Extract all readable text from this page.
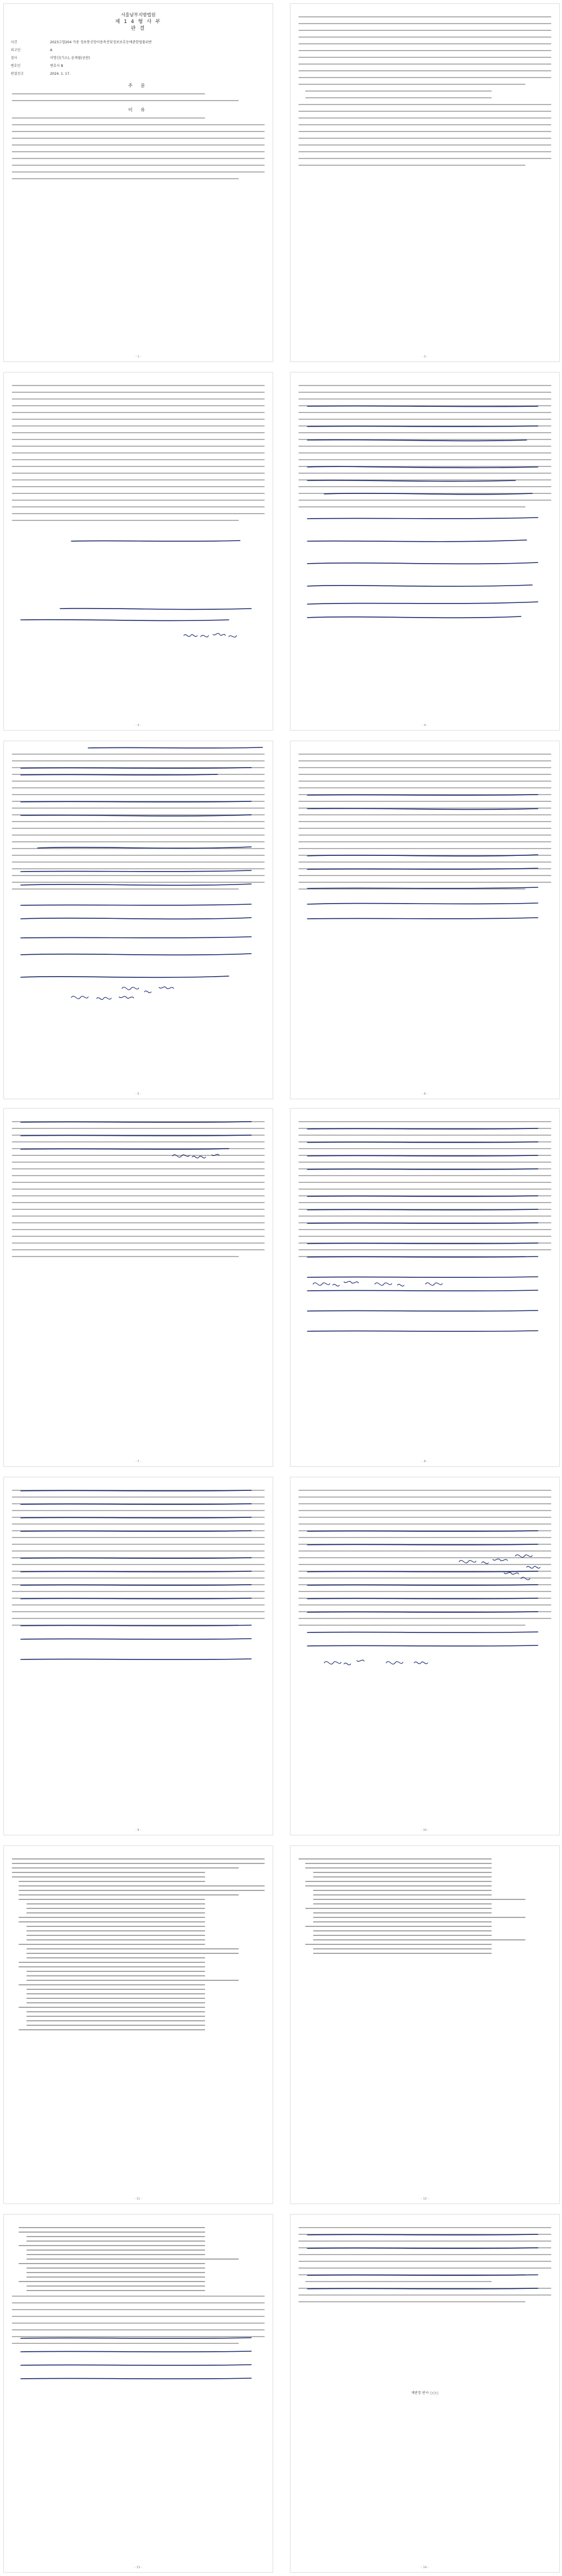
서울남부지방법원
제 1 4 형 사 부
판 결
사건	2023고합204 가중 정보통신망이용촉진및정보보호등에관한법률위반
피고인	A
검사	이명신(기소), 윤재필(공판)
변호인	변호사 B
판결선고	2024. 1. 17.
주 문
이 유
- 1 -	- 2 -
- 3 -	- 4 -
- 5 -	- 6 -
- 7 -	- 8 -
- 9 -	- 10 -
- 11 -	- 12 -
- 13 -
재판장 판사 ○○○
- 14 -
